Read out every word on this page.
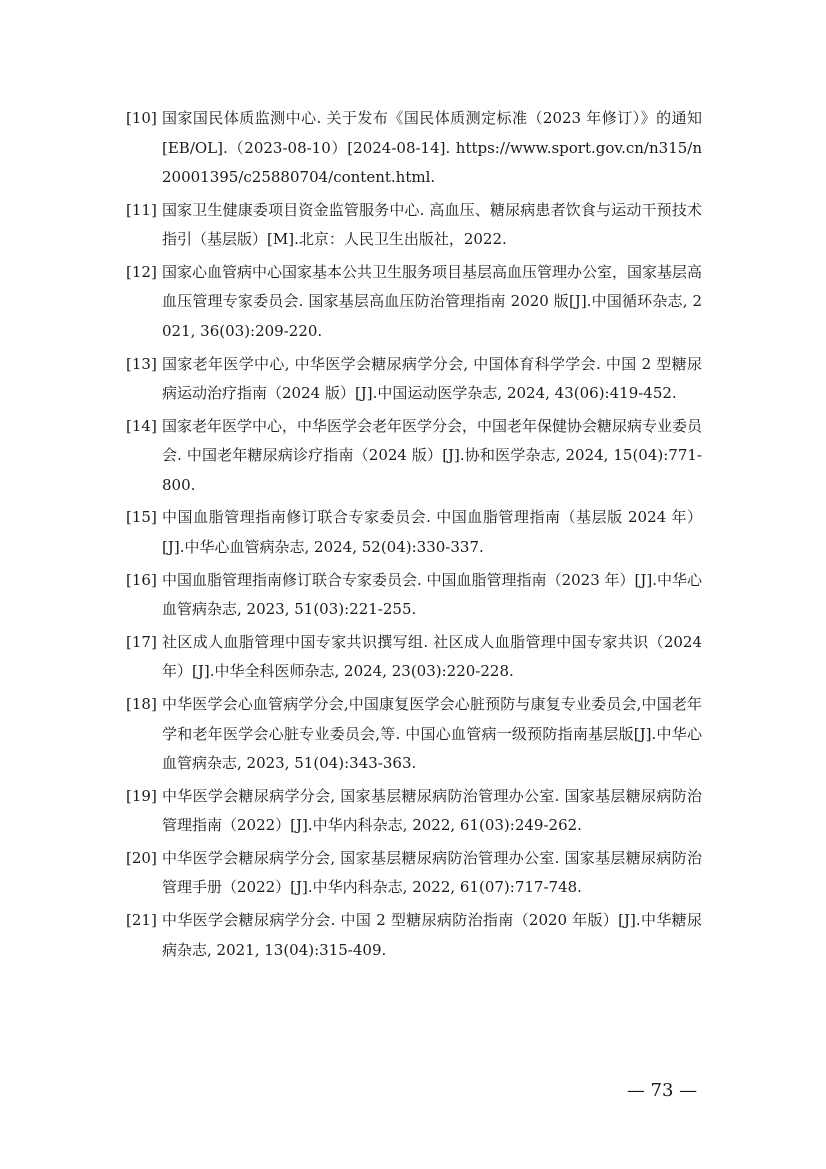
[10] 国家国民体质监测中心. 关于发布《国民体质测定标准（2023 年修订）》的通知[EB/OL].（2023-08-10）[2024-08-14]. https://www.sport.gov.cn/n315/n20001395/c25880704/content.html.
[11] 国家卫生健康委项目资金监管服务中心. 高血压、糖尿病患者饮食与运动干预技术指引（基层版）[M].北京：人民卫生出版社，2022.
[12] 国家心血管病中心国家基本公共卫生服务项目基层高血压管理办公室，国家基层高血压管理专家委员会. 国家基层高血压防治管理指南 2020 版[J].中国循环杂志, 2021, 36(03):209-220.
[13] 国家老年医学中心, 中华医学会糖尿病学分会, 中国体育科学学会. 中国 2 型糖尿病运动治疗指南（2024 版）[J].中国运动医学杂志, 2024, 43(06):419-452.
[14] 国家老年医学中心，中华医学会老年医学分会，中国老年保健协会糖尿病专业委员会. 中国老年糖尿病诊疗指南（2024 版）[J].协和医学杂志, 2024, 15(04):771-800.
[15] 中国血脂管理指南修订联合专家委员会. 中国血脂管理指南（基层版 2024 年）[J].中华心血管病杂志, 2024, 52(04):330-337.
[16] 中国血脂管理指南修订联合专家委员会. 中国血脂管理指南（2023 年）[J].中华心血管病杂志, 2023, 51(03):221-255.
[17] 社区成人血脂管理中国专家共识撰写组. 社区成人血脂管理中国专家共识（2024 年）[J].中华全科医师杂志, 2024, 23(03):220-228.
[18] 中华医学会心血管病学分会,中国康复医学会心脏预防与康复专业委员会,中国老年学和老年医学会心脏专业委员会,等. 中国心血管病一级预防指南基层版[J].中华心血管病杂志, 2023, 51(04):343-363.
[19] 中华医学会糖尿病学分会, 国家基层糖尿病防治管理办公室. 国家基层糖尿病防治管理指南（2022）[J].中华内科杂志, 2022, 61(03):249-262.
[20] 中华医学会糖尿病学分会, 国家基层糖尿病防治管理办公室. 国家基层糖尿病防治管理手册（2022）[J].中华内科杂志, 2022, 61(07):717-748.
[21] 中华医学会糖尿病学分会. 中国 2 型糖尿病防治指南（2020 年版）[J].中华糖尿病杂志, 2021, 13(04):315-409.
— 73 —
